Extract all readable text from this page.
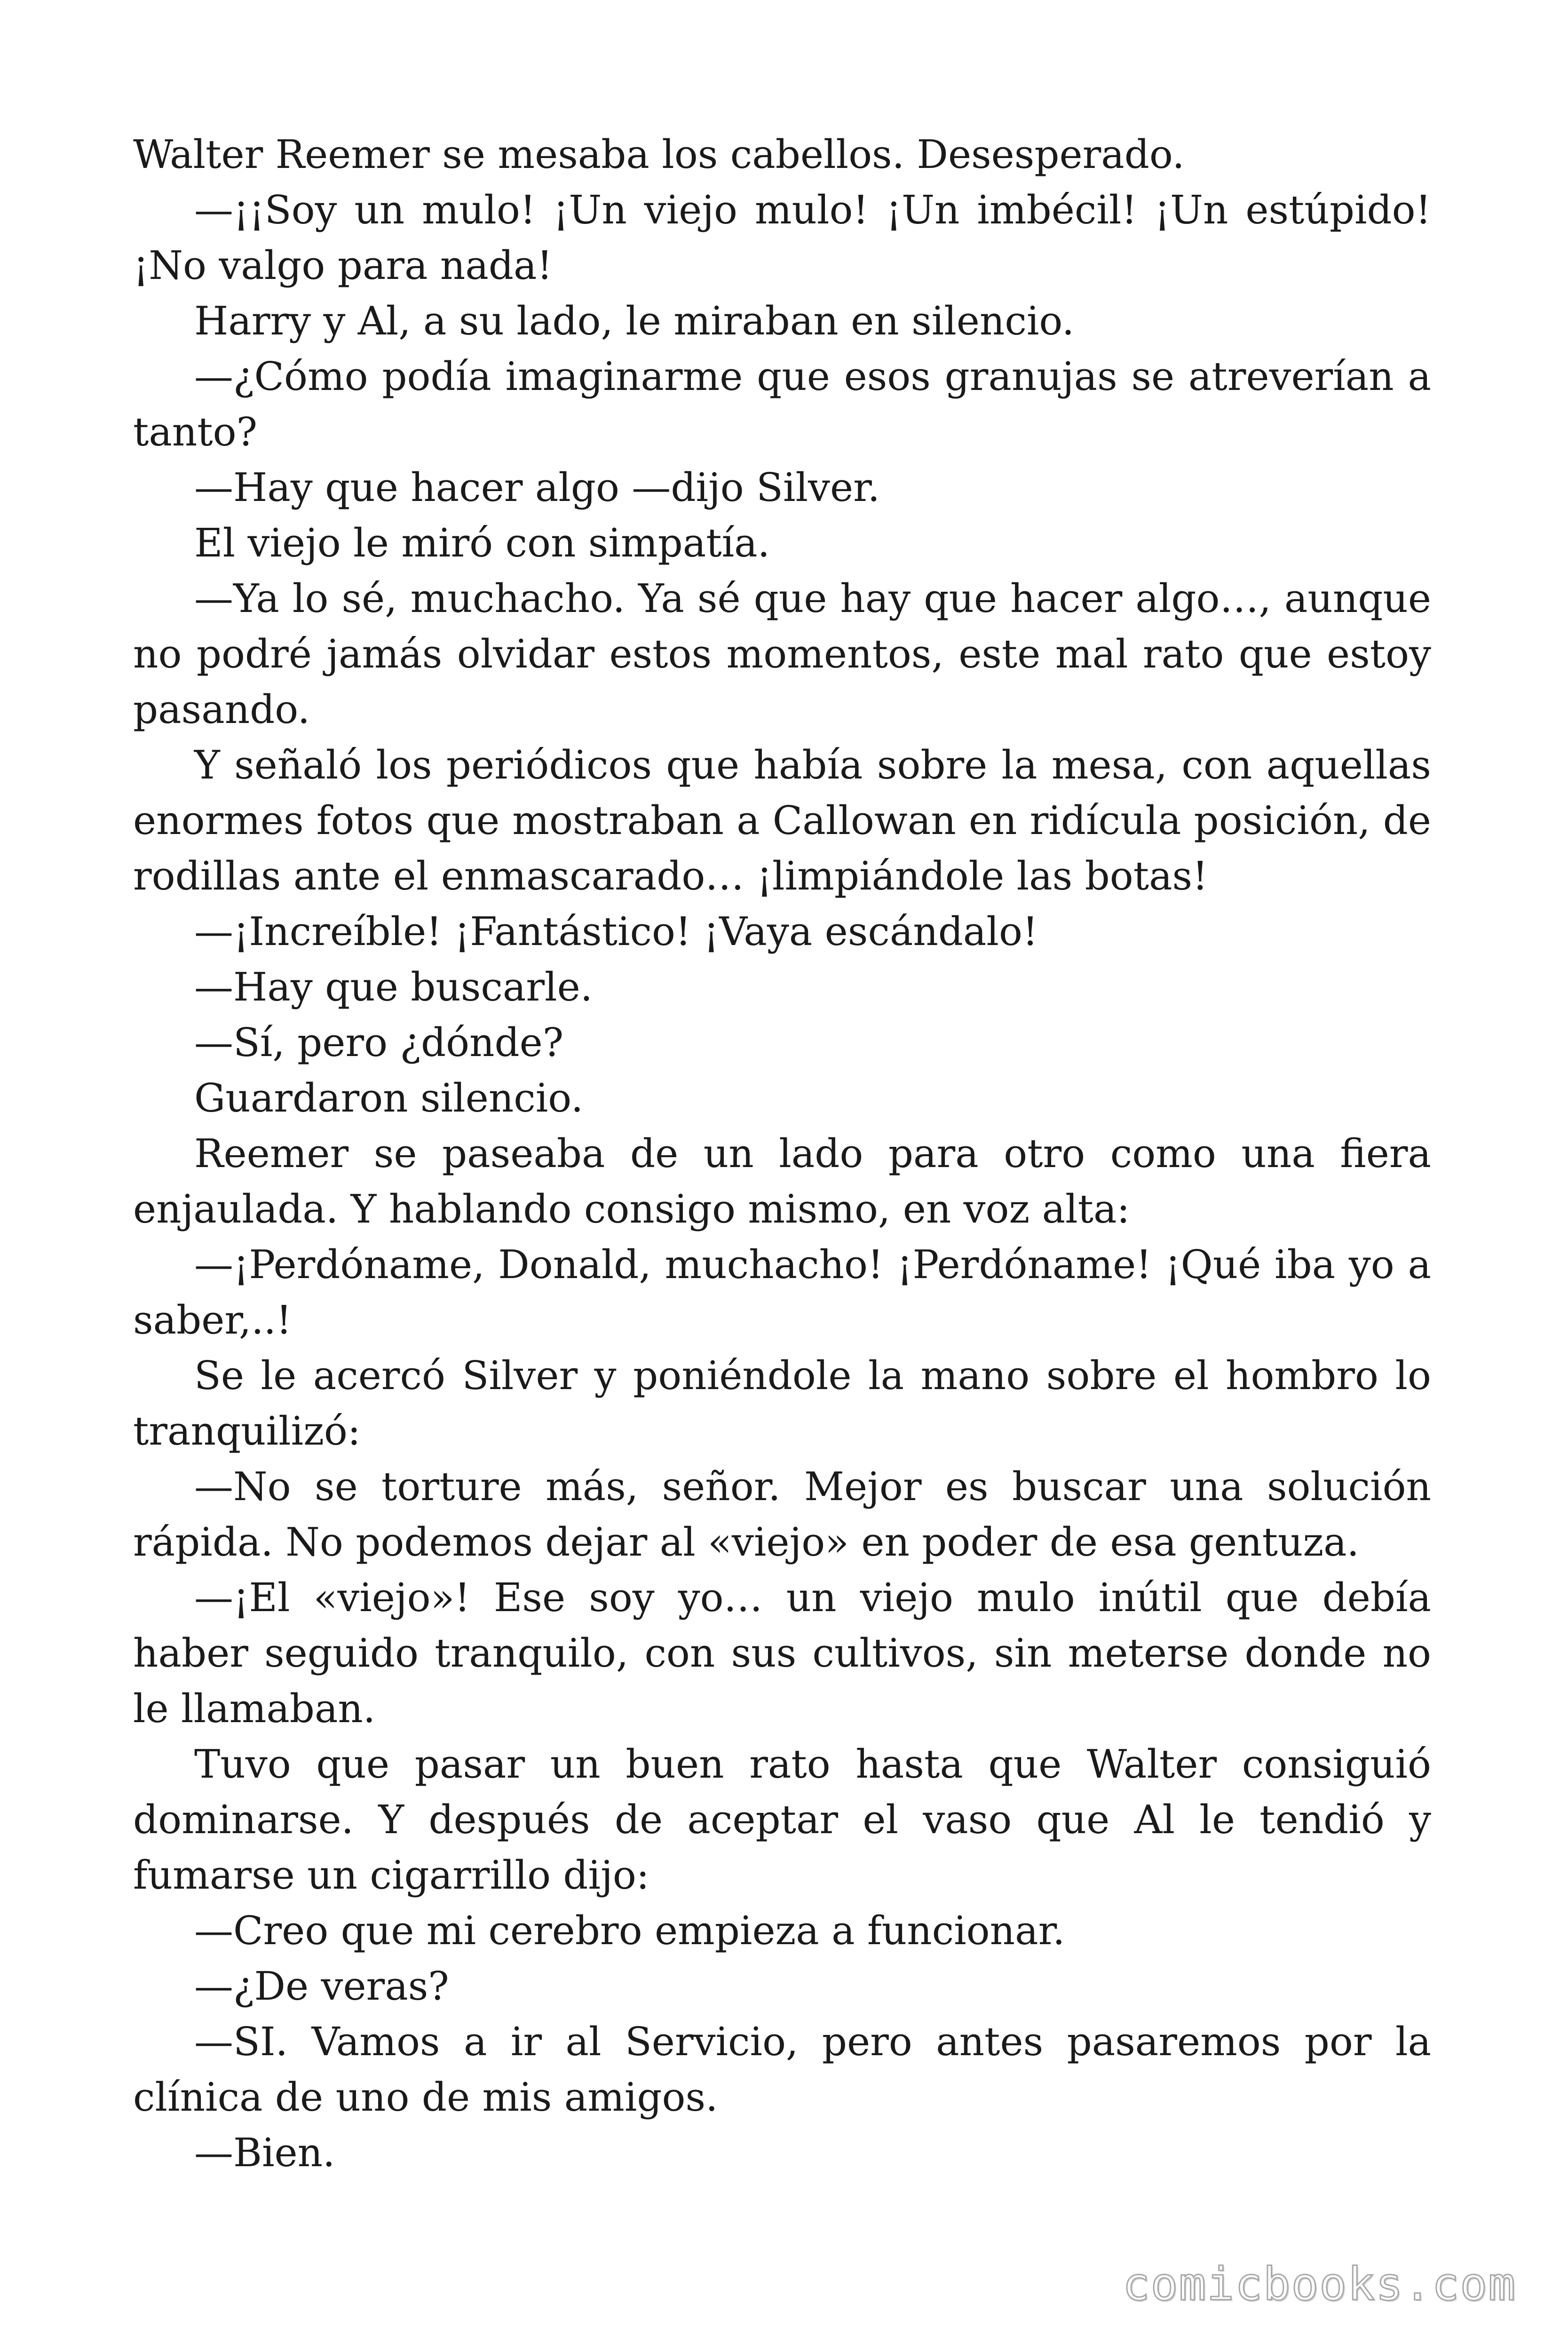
Walter Reemer se mesaba los cabellos. Desesperado.

—¡¡Soy un mulo! ¡Un viejo mulo! ¡Un imbécil! ¡Un estúpido! ¡No valgo para nada!

Harry y Al, a su lado, le miraban en silencio.

—¿Cómo podía imaginarme que esos granujas se atreverían a tanto?

—Hay que hacer algo —dijo Silver.

El viejo le miró con simpatía.

—Ya lo sé, muchacho. Ya sé que hay que hacer algo…, aunque no podré jamás olvidar estos momentos, este mal rato que estoy pasando.

Y señaló los periódicos que había sobre la mesa, con aquellas enormes fotos que mostraban a Callowan en ridícula posición, de rodillas ante el enmascarado… ¡limpiándole las botas!

—¡Increíble! ¡Fantástico! ¡Vaya escándalo!

—Hay que buscarle.

—Sí, pero ¿dónde?

Guardaron silencio.

Reemer se paseaba de un lado para otro como una fiera enjaulada. Y hablando consigo mismo, en voz alta:

—¡Perdóname, Donald, muchacho! ¡Perdóname! ¡Qué iba yo a saber,..!

Se le acercó Silver y poniéndole la mano sobre el hombro lo tranquilizó:

—No se torture más, señor. Mejor es buscar una solución rápida. No podemos dejar al «viejo» en poder de esa gentuza.

—¡El «viejo»! Ese soy yo… un viejo mulo inútil que debía haber seguido tranquilo, con sus cultivos, sin meterse donde no le llamaban.

Tuvo que pasar un buen rato hasta que Walter consiguió dominarse. Y después de aceptar el vaso que Al le tendió y fumarse un cigarrillo dijo:

—Creo que mi cerebro empieza a funcionar.

—¿De veras?

—SI. Vamos a ir al Servicio, pero antes pasaremos por la clínica de uno de mis amigos.

—Bien.

comicbooks.com
